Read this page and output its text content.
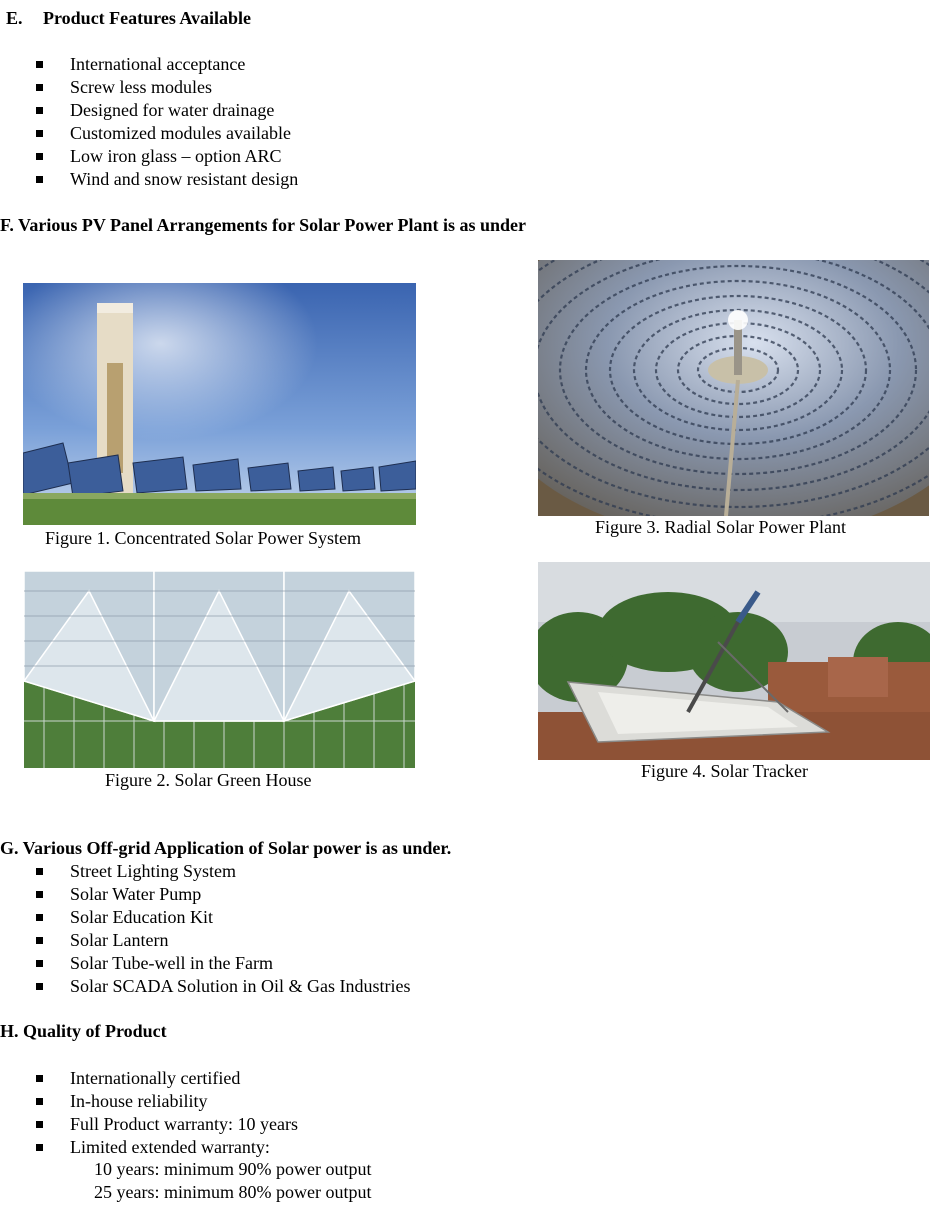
E. Product Features Available
International acceptance
Screw less modules
Designed for water drainage
Customized modules available
Low iron glass – option ARC
Wind and snow resistant design
F. Various PV Panel Arrangements for Solar Power Plant is as under
Figure 1. Concentrated Solar Power System
Figure 3. Radial Solar Power Plant
Figure 2. Solar Green House	Figure 4. Solar Tracker
G. Various Off-grid Application of Solar power is as under.
Street Lighting System
Solar Water Pump
Solar Education Kit
Solar Lantern
Solar Tube-well in the Farm
Solar SCADA Solution in Oil & Gas Industries
H. Quality of Product
Internationally certified
In-house reliability
Full Product warranty: 10 years
Limited extended warranty:
10 years: minimum 90% power output
25 years: minimum 80% power output
